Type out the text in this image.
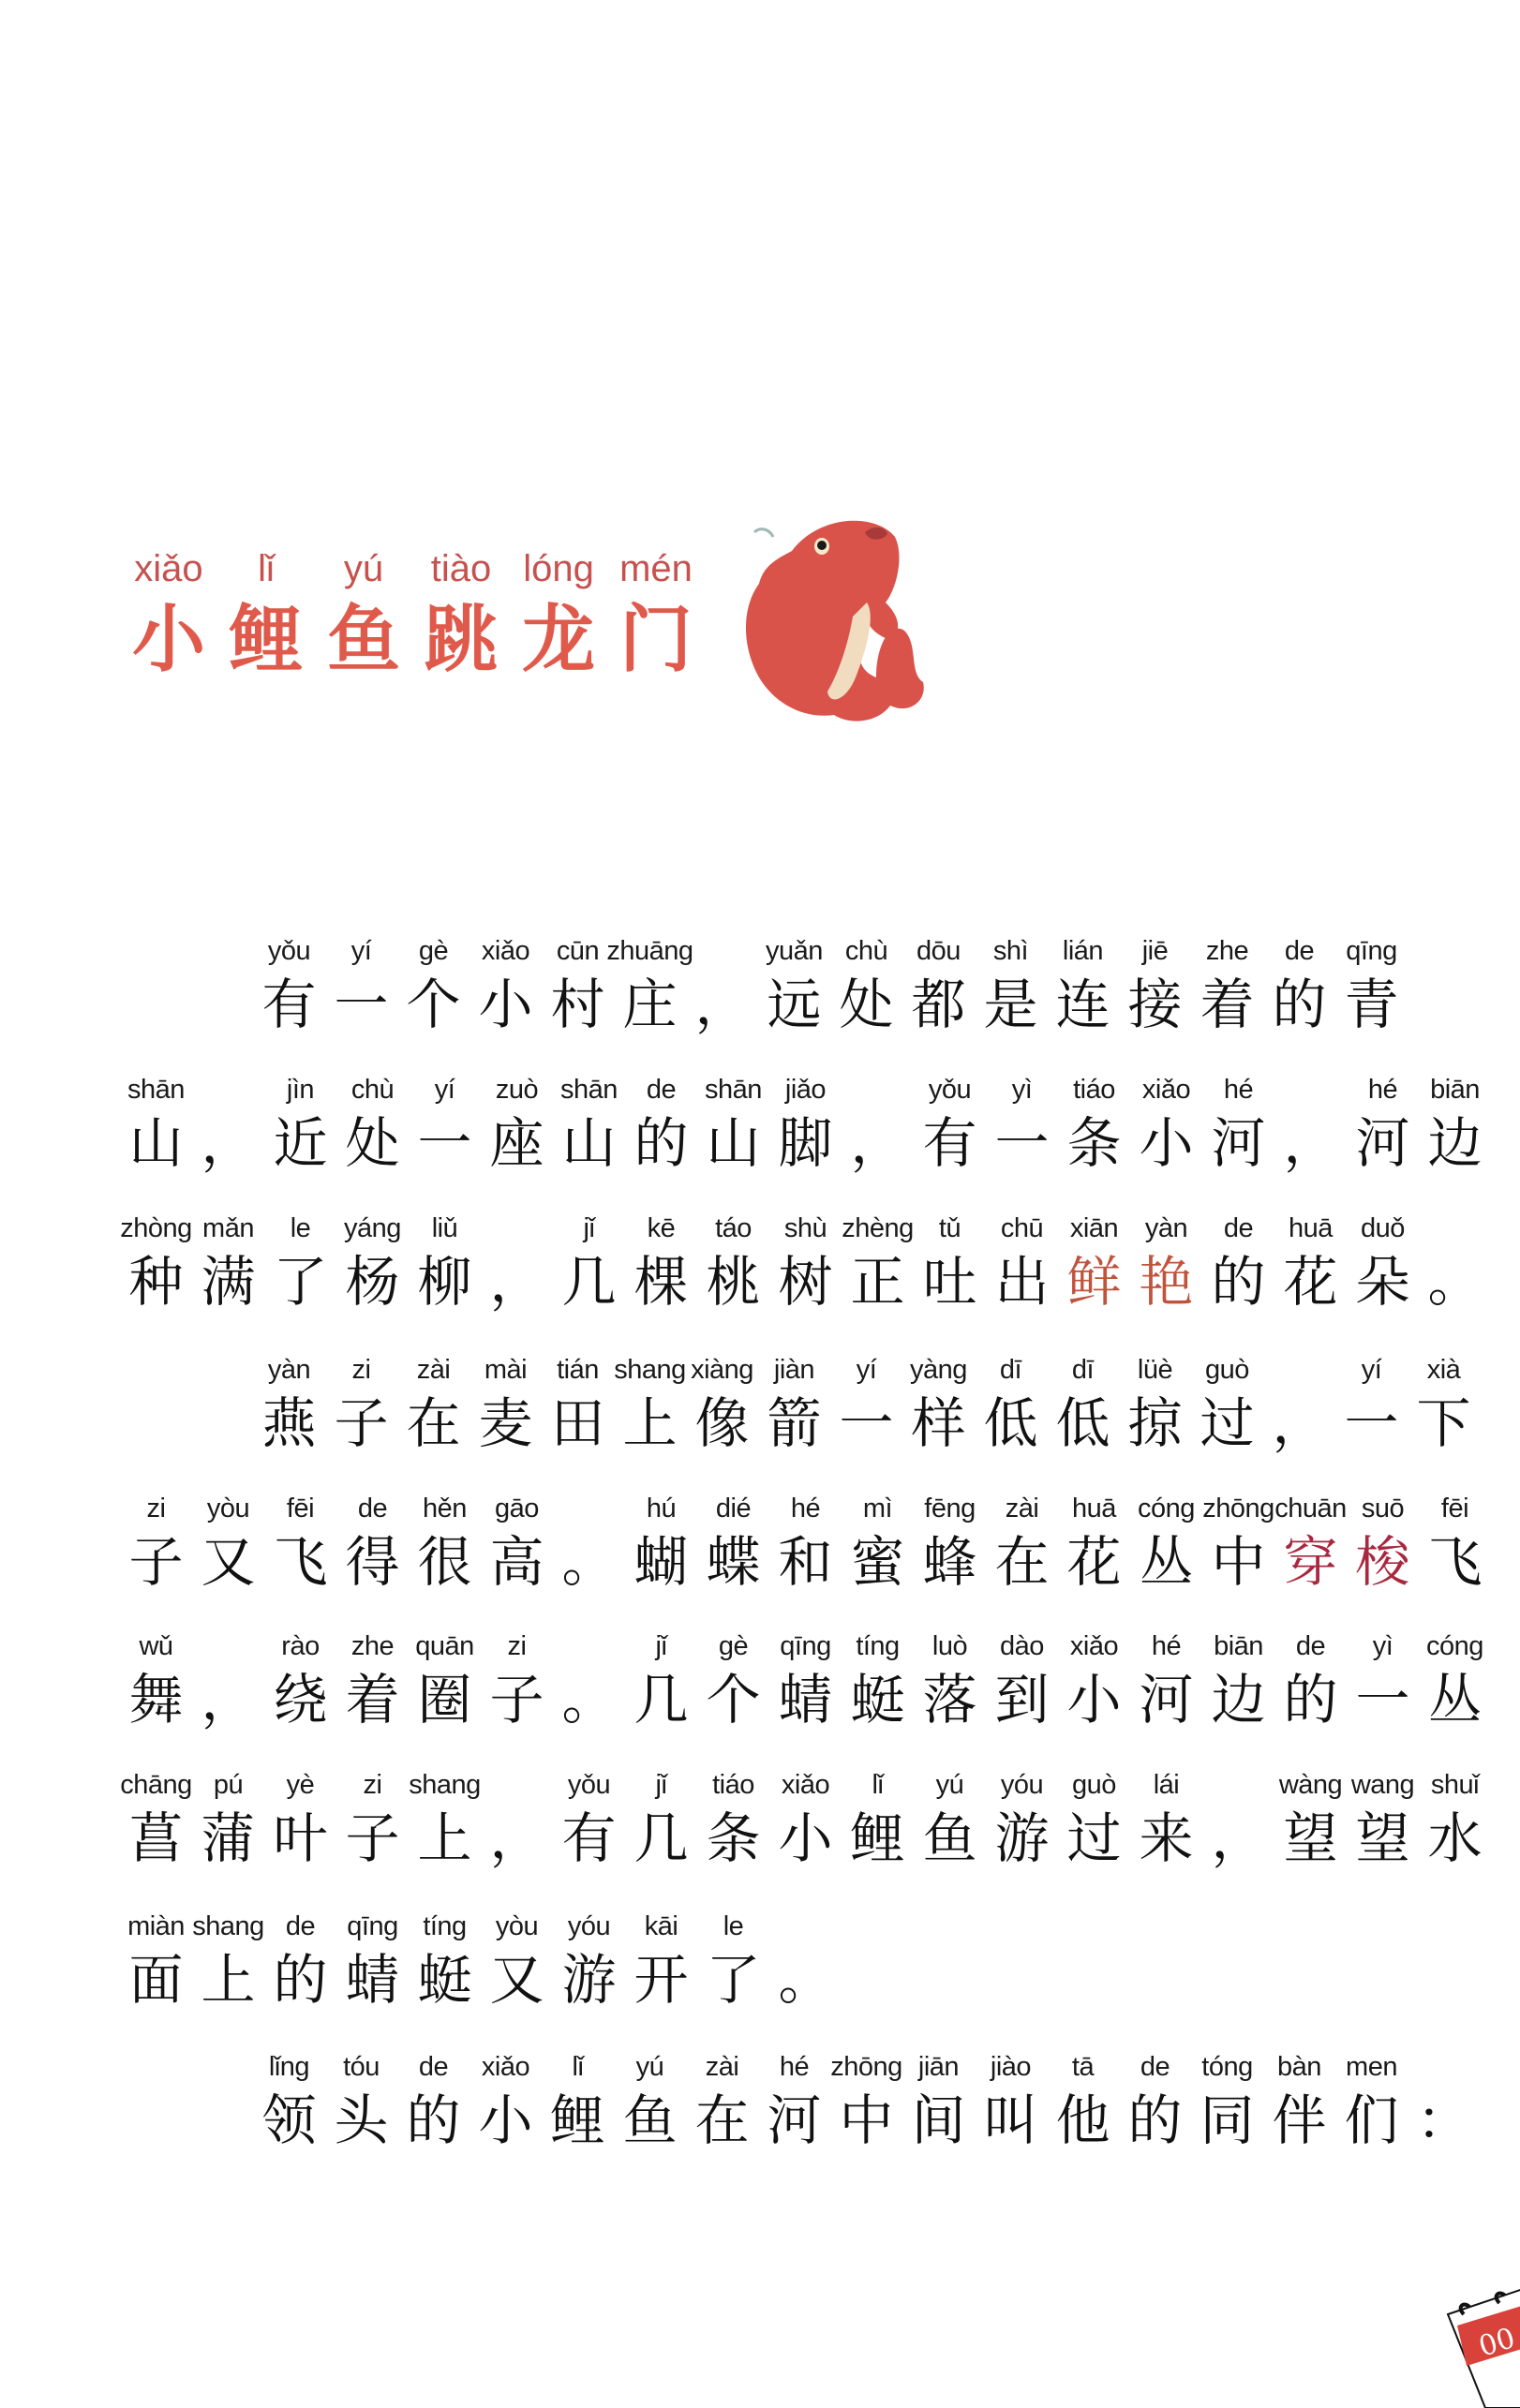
xiǎo	lǐ	yú	tiào lóng mén
小 鲤 鱼 跳 龙 门
yǒu
有
yí
一
gè
个
xiǎo
小
cūn
村
zhuāng
庄 ，
yuǎn
远
chù
处
dōu
都
shì
是
lián
连
jiē
接
zhe
着
de
的
qīng
青
shān
山 ，
jìn
近
chù
处
yí
一
zuò
座
shān
山
de
的
shān
山
jiǎo
脚 ，
yǒu
有
yì
一
tiáo
条
xiǎo
小
hé
河 ，
hé
河
biān
边
zhòng
种
mǎn
满
le
了
yáng
杨
liǔ
柳 ，
jǐ
几
kē
棵
táo
桃
shù
树
zhèng
正
tǔ
吐
chū
出
xiān
鲜
yàn
艳
de
的
huā
花
duǒ
朵 。
yàn
燕
zi
子
zài
在
mài
麦
tián
田
shang
上
xiàng
像
jiàn
箭
yí
一
yàng
样
dī
低
dī
低
lüè
掠
guò
过 ，
yí
一
xià
下
zi
子
yòu
又
fēi
飞
de
得
hěn
很
gāo
高 。
hú
蝴
dié
蝶
hé
和
mì
蜜
fēng
蜂
zài
在
huā
花
cóng
丛
zhōng
中
chuān
穿
suō
梭
fēi
飞
wǔ
舞 ，
rào
绕
zhe
着
quān
圈
zi
子 。
jǐ
几
gè
个
qīng
蜻
tíng
蜓
luò
落
dào
到
xiǎo
小
hé
河
biān
边
de
的
yì
一
cóng
丛
chāng
菖
pú
蒲
yè
叶
zi
子
shang
上 ，
yǒu
有
jǐ
几
tiáo
条
xiǎo
小
lǐ
鲤
yú
鱼
yóu
游
guò
过
lái
来 ，
wàng
望
wang
望
shuǐ
水
miàn
面
shang
上
de
的
qīng
蜻
tíng
蜓
yòu
又
yóu
游
kāi
开
le
了 。
lǐng
领
tóu
头
de
的
xiǎo
小
lǐ
鲤
yú
鱼
zài
在
hé
河
zhōng
中
jiān
间
jiào
叫
tā
他
de
的
tóng
同
bàn
伴
men
们 ：
00
